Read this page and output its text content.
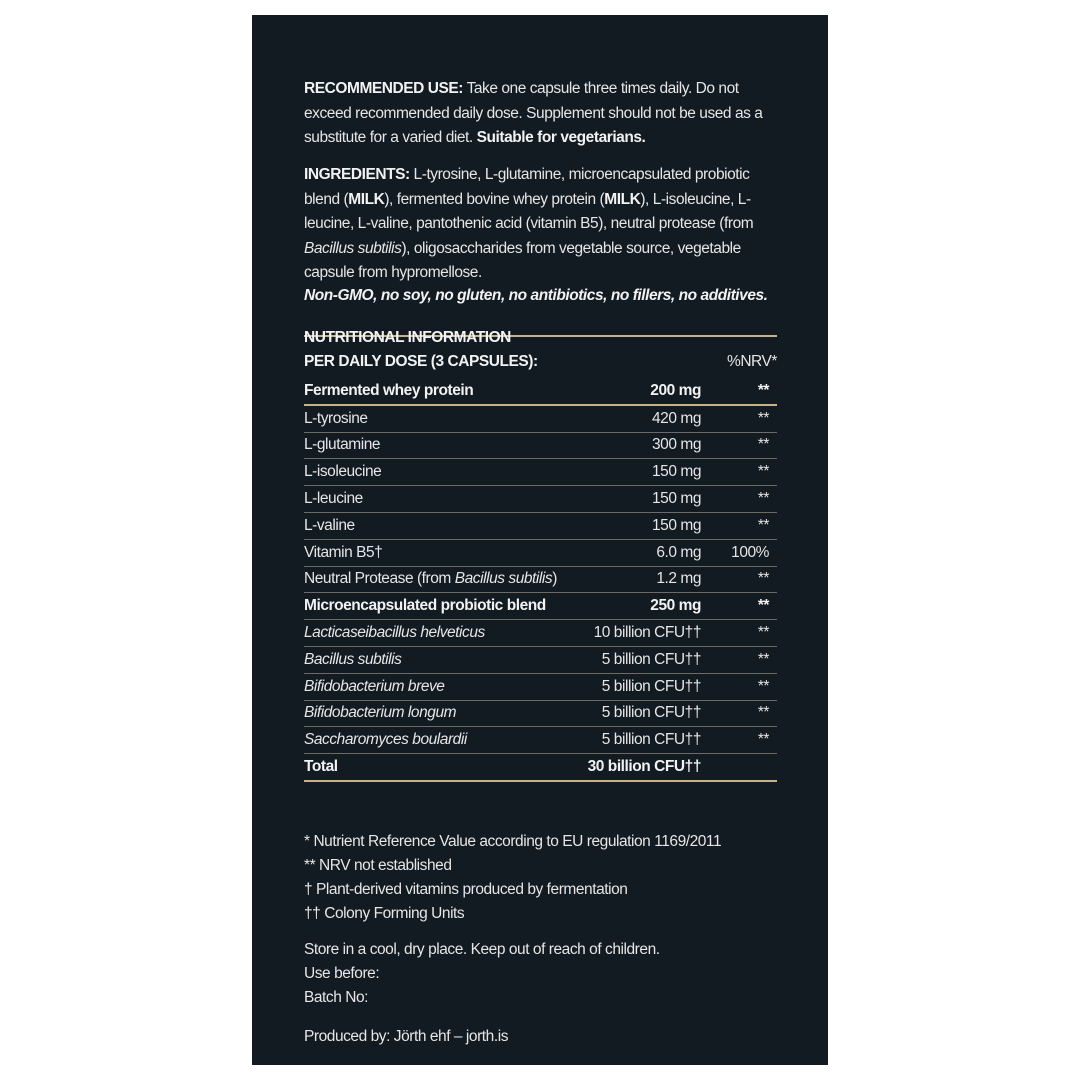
RECOMMENDED USE: Take one capsule three times daily. Do not exceed recommended daily dose. Supplement should not be used as a substitute for a varied diet. Suitable for vegetarians.

INGREDIENTS: L-tyrosine, L-glutamine, microencapsulated probiotic blend (MILK), fermented bovine whey protein (MILK), L-isoleucine, L-leucine, L-valine, pantothenic acid (vitamin B5), neutral protease (from Bacillus subtilis), oligosaccharides from vegetable source, vegetable capsule from hypromellose.

Non-GMO, no soy, no gluten, no antibiotics, no fillers, no additives.

NUTRITIONAL INFORMATION
PER DAILY DOSE (3 CAPSULES):	%NRV*
Fermented whey protein	200 mg	**
L-tyrosine	420 mg	**
L-glutamine	300 mg	**
L-isoleucine	150 mg	**
L-leucine	150 mg	**
L-valine	150 mg	**
Vitamin B5†	6.0 mg	100%
Neutral Protease (from Bacillus subtilis)	1.2 mg	**
Microencapsulated probiotic blend	250 mg	**
Lacticaseibacillus helveticus	10 billion CFU††	**
Bacillus subtilis	5 billion CFU††	**
Bifidobacterium breve	5 billion CFU††	**
Bifidobacterium longum	5 billion CFU††	**
Saccharomyces boulardii	5 billion CFU††	**
Total	30 billion CFU††	
* Nutrient Reference Value according to EU regulation 1169/2011
** NRV not established
† Plant-derived vitamins produced by fermentation
†† Colony Forming Units
Store in a cool, dry place. Keep out of reach of children.
Use before:
Batch No:
Produced by: Jörth ehf – jorth.is
